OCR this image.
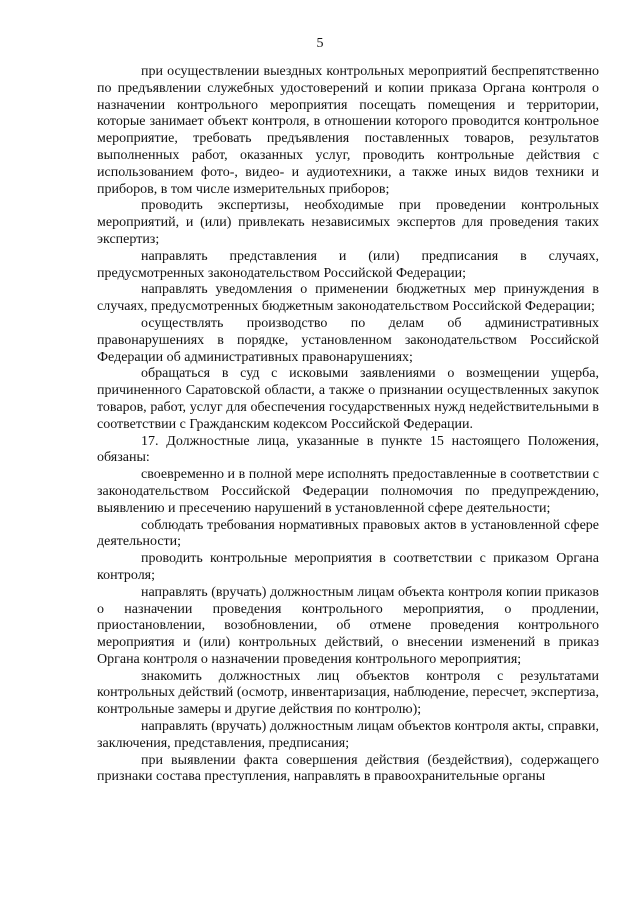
5

при осуществлении выездных контрольных мероприятий беспрепятственно по предъявлении служебных удостоверений и копии приказа Органа контроля о назначении контрольного мероприятия посещать помещения и территории, которые занимает объект контроля, в отношении которого проводится контрольное мероприятие, требовать предъявления поставленных товаров, результатов выполненных работ, оказанных услуг, проводить контрольные действия с использованием фото-, видео- и аудиотехники, а также иных видов техники и приборов, в том числе измерительных приборов;

проводить экспертизы, необходимые при проведении контрольных мероприятий, и (или) привлекать независимых экспертов для проведения таких экспертиз;

направлять представления и (или) предписания в случаях, предусмотренных законодательством Российской Федерации;

направлять уведомления о применении бюджетных мер принуждения в случаях, предусмотренных бюджетным законодательством Российской Федерации;

осуществлять производство по делам об административных правонарушениях в порядке, установленном законодательством Российской Федерации об административных правонарушениях;

обращаться в суд с исковыми заявлениями о возмещении ущерба, причиненного Саратовской области, а также о признании осуществленных закупок товаров, работ, услуг для обеспечения государственных нужд недействительными в соответствии с Гражданским кодексом Российской Федерации.

17. Должностные лица, указанные в пункте 15 настоящего Положения, обязаны:

своевременно и в полной мере исполнять предоставленные в соответствии с законодательством Российской Федерации полномочия по предупреждению, выявлению и пресечению нарушений в установленной сфере деятельности;

соблюдать требования нормативных правовых актов в установленной сфере деятельности;

проводить контрольные мероприятия в соответствии с приказом Органа контроля;

направлять (вручать) должностным лицам объекта контроля копии приказов о назначении проведения контрольного мероприятия, о продлении, приостановлении, возобновлении, об отмене проведения контрольного мероприятия и (или) контрольных действий, о внесении изменений в приказ Органа контроля о назначении проведения контрольного мероприятия;

знакомить должностных лиц объектов контроля с результатами контрольных действий (осмотр, инвентаризация, наблюдение, пересчет, экспертиза, контрольные замеры и другие действия по контролю);

направлять (вручать) должностным лицам объектов контроля акты, справки, заключения, представления, предписания;

при выявлении факта совершения действия (бездействия), содержащего признаки состава преступления, направлять в правоохранительные органы
